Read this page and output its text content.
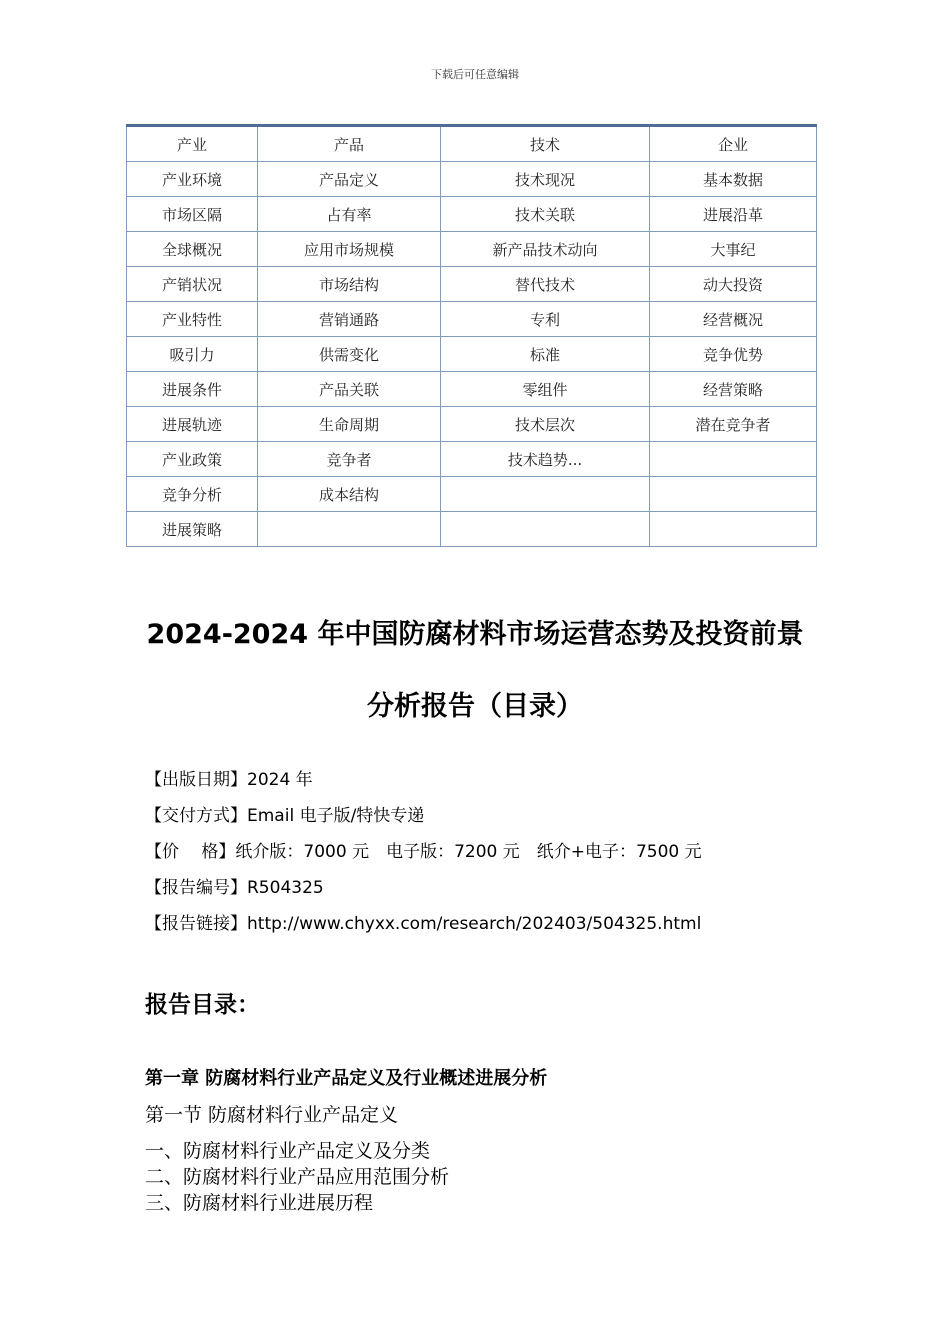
下载后可任意编辑
产业	产品	技术	企业
产业环境	产品定义	技术现况	基本数据
市场区隔	占有率	技术关联	进展沿革
全球概况	应用市场规模	新产品技术动向	大事纪
产销状况	市场结构	替代技术	动大投资
产业特性	营销通路	专利	经营概况
吸引力	供需变化	标准	竞争优势
进展条件	产品关联	零组件	经营策略
进展轨迹	生命周期	技术层次	潜在竞争者
产业政策	竞争者	技术趋势...	
竞争分析	成本结构		
进展策略			
2024-2024 年中国防腐材料市场运营态势及投资前景
分析报告（目录）
【出版日期】2024 年
【交付方式】Email 电子版/特快专递
【价　 格】纸介版：7000 元　电子版：7200 元　纸介+电子：7500 元
【报告编号】R504325
【报告链接】http://www.chyxx.com/research/202403/504325.html
报告目录：
第一章 防腐材料行业产品定义及行业概述进展分析
第一节 防腐材料行业产品定义
一、防腐材料行业产品定义及分类
二、防腐材料行业产品应用范围分析
三、防腐材料行业进展历程
